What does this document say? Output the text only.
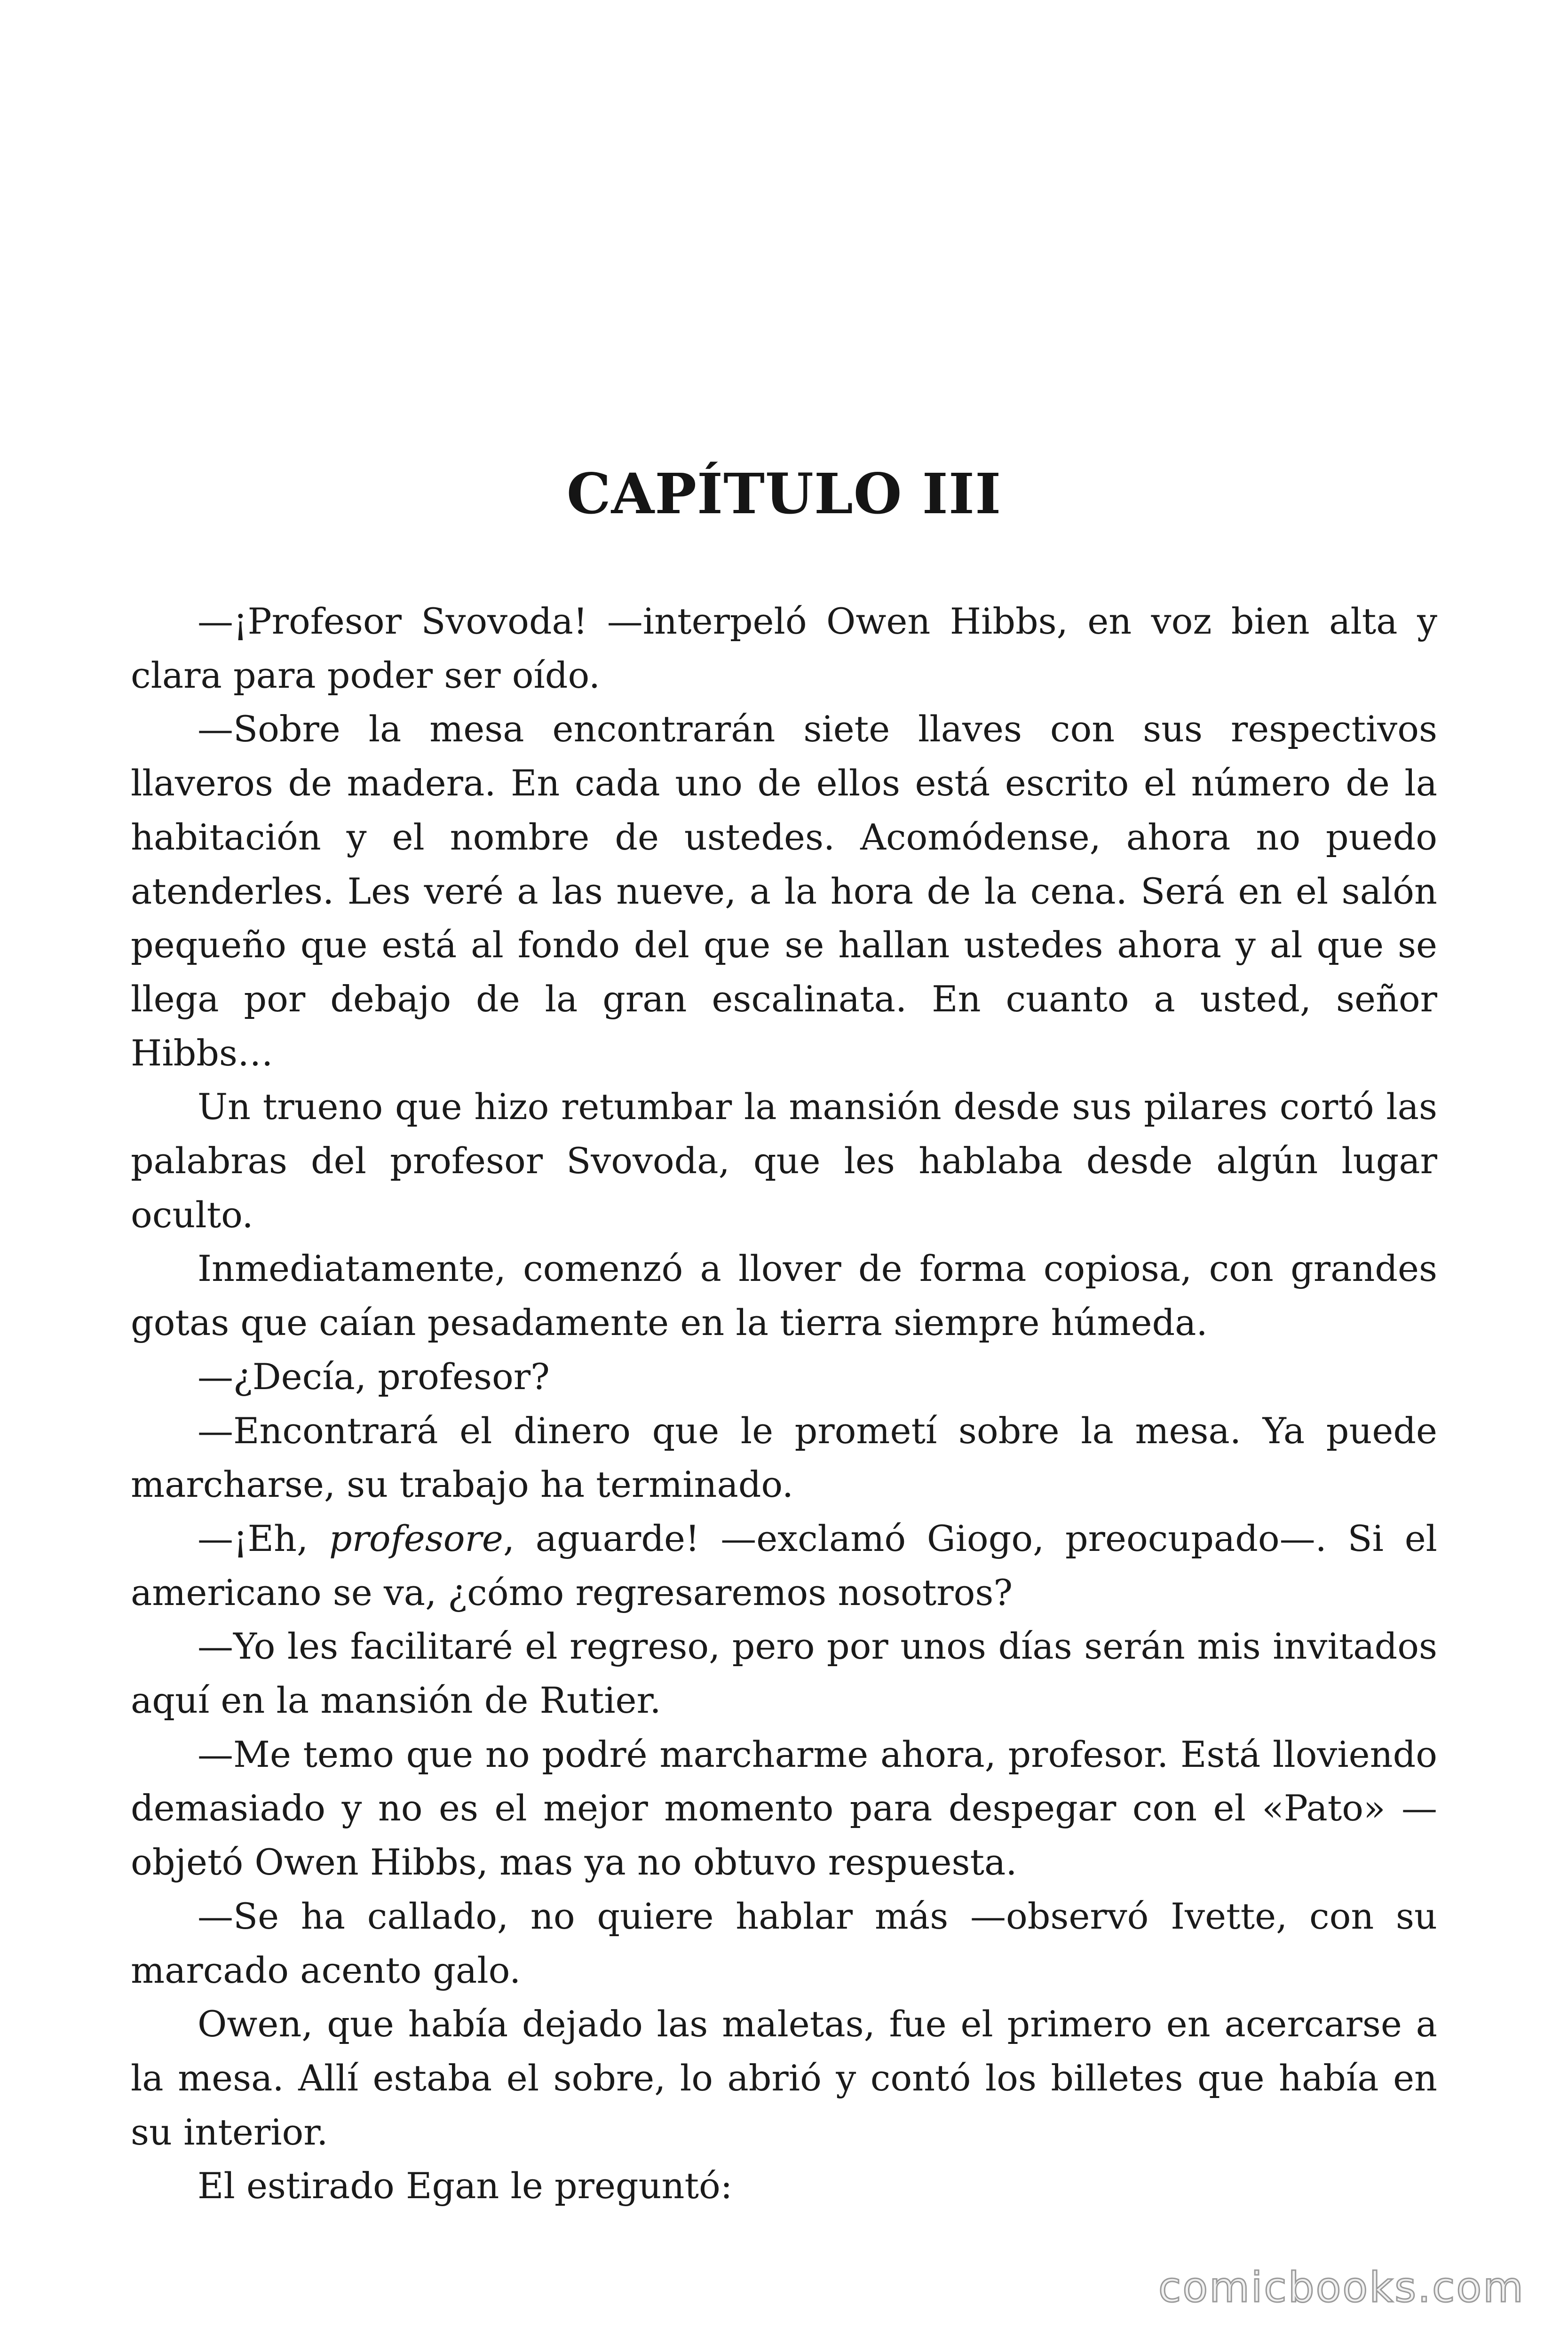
CAPÍTULO III

—¡Profesor Svovoda! —interpeló Owen Hibbs, en voz bien alta y clara para poder ser oído.

—Sobre la mesa encontrarán siete llaves con sus respectivos llaveros de madera. En cada uno de ellos está escrito el número de la habitación y el nombre de ustedes. Acomódense, ahora no puedo atenderles. Les veré a las nueve, a la hora de la cena. Será en el salón pequeño que está al fondo del que se hallan ustedes ahora y al que se llega por debajo de la gran escalinata. En cuanto a usted, señor Hibbs…

Un trueno que hizo retumbar la mansión desde sus pilares cortó las palabras del profesor Svovoda, que les hablaba desde algún lugar oculto.

Inmediatamente, comenzó a llover de forma copiosa, con grandes gotas que caían pesadamente en la tierra siempre húmeda.

—¿Decía, profesor?

—Encontrará el dinero que le prometí sobre la mesa. Ya puede marcharse, su trabajo ha terminado.

—¡Eh, profesore, aguarde! —exclamó Giogo, preocupado—. Si el americano se va, ¿cómo regresaremos nosotros?

—Yo les facilitaré el regreso, pero por unos días serán mis invitados aquí en la mansión de Rutier.

—Me temo que no podré marcharme ahora, profesor. Está lloviendo demasiado y no es el mejor momento para despegar con el «Pato» —objetó Owen Hibbs, mas ya no obtuvo respuesta.

—Se ha callado, no quiere hablar más —observó Ivette, con su marcado acento galo.

Owen, que había dejado las maletas, fue el primero en acercarse a la mesa. Allí estaba el sobre, lo abrió y contó los billetes que había en su interior.

El estirado Egan le preguntó:

comicbooks.com
